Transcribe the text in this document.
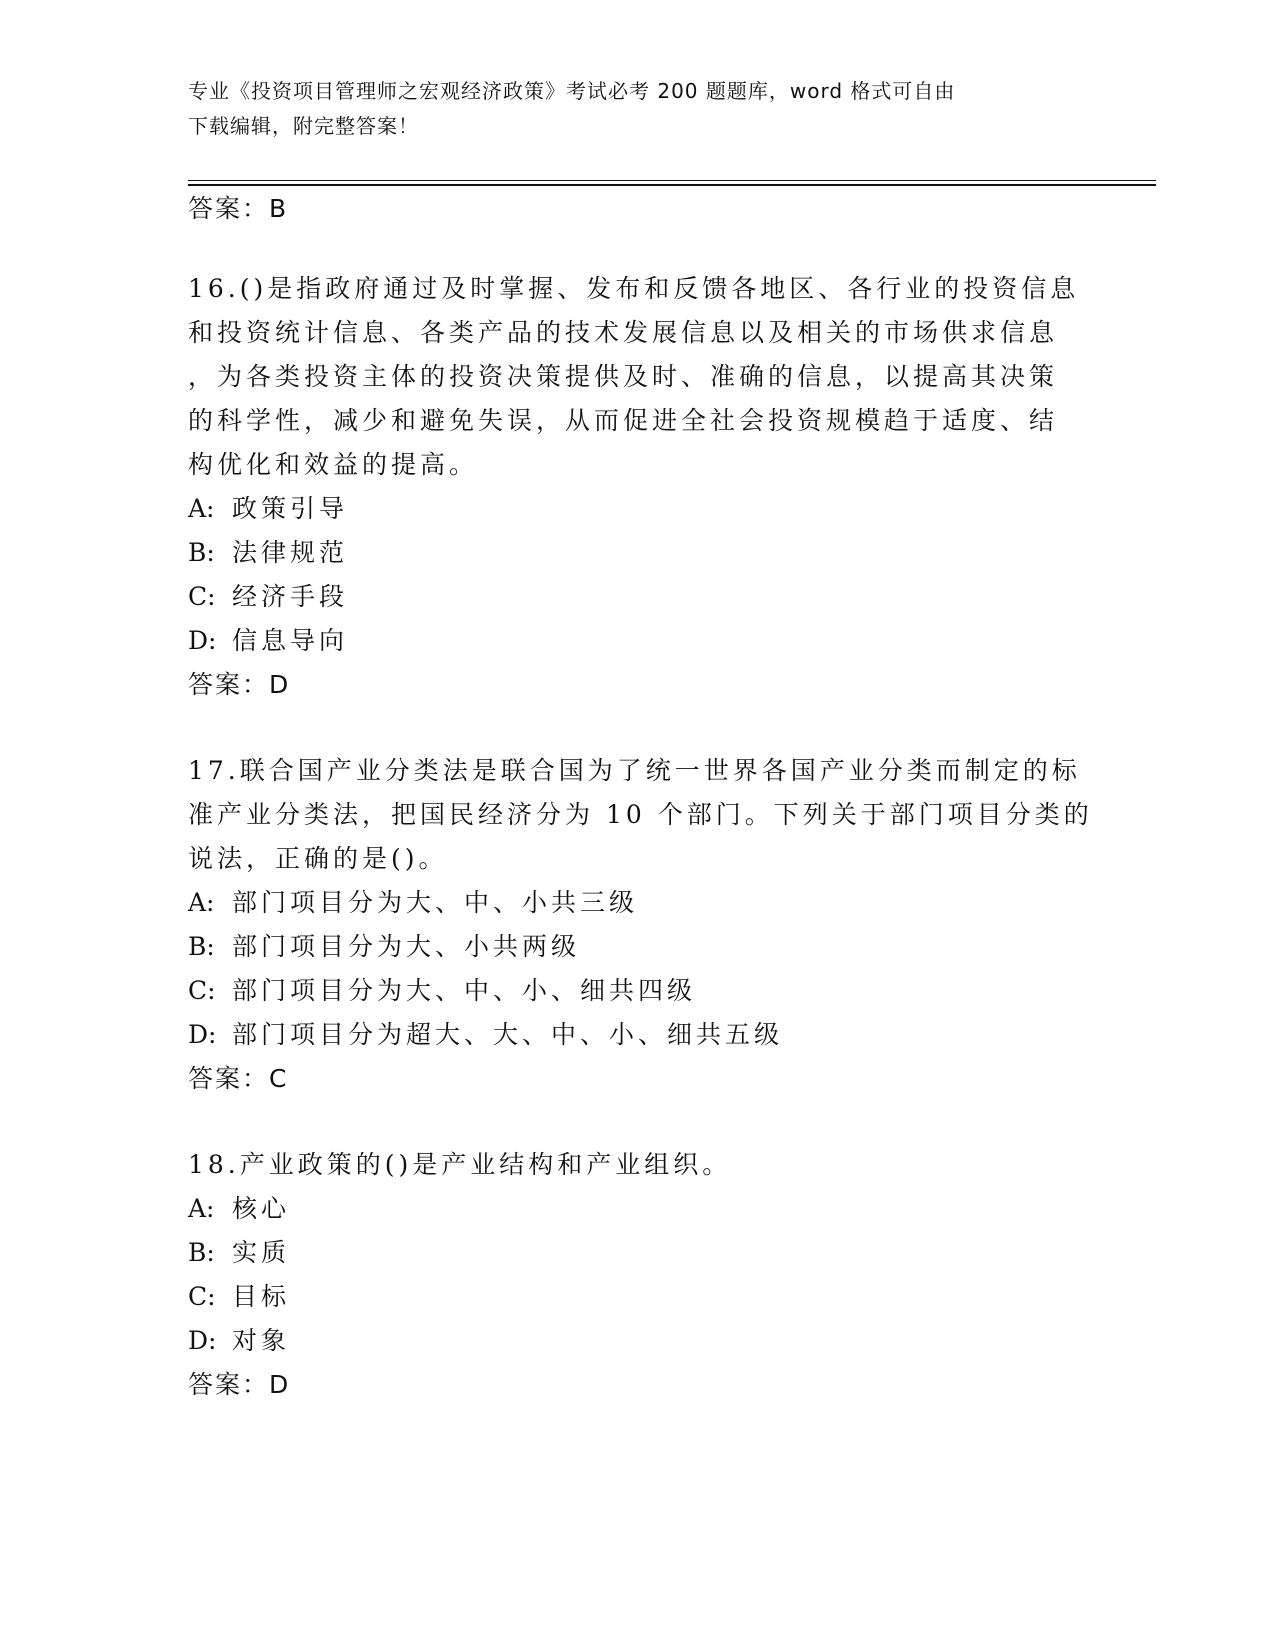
专业《投资项目管理师之宏观经济政策》考试必考 200 题题库，word 格式可自由
下载编辑，附完整答案！
答案：B
16.()是指政府通过及时掌握、发布和反馈各地区、各行业的投资信息
和投资统计信息、各类产品的技术发展信息以及相关的市场供求信息
，为各类投资主体的投资决策提供及时、准确的信息，以提高其决策
的科学性，减少和避免失误，从而促进全社会投资规模趋于适度、结
构优化和效益的提高。
A: 政策引导
B: 法律规范
C: 经济手段
D: 信息导向
答案：D
17.联合国产业分类法是联合国为了统一世界各国产业分类而制定的标
准产业分类法，把国民经济分为 10 个部门。下列关于部门项目分类的
说法，正确的是()。
A: 部门项目分为大、中、小共三级
B: 部门项目分为大、小共两级
C: 部门项目分为大、中、小、细共四级
D: 部门项目分为超大、大、中、小、细共五级
答案：C
18.产业政策的()是产业结构和产业组织。
A: 核心
B: 实质
C: 目标
D: 对象
答案：D
